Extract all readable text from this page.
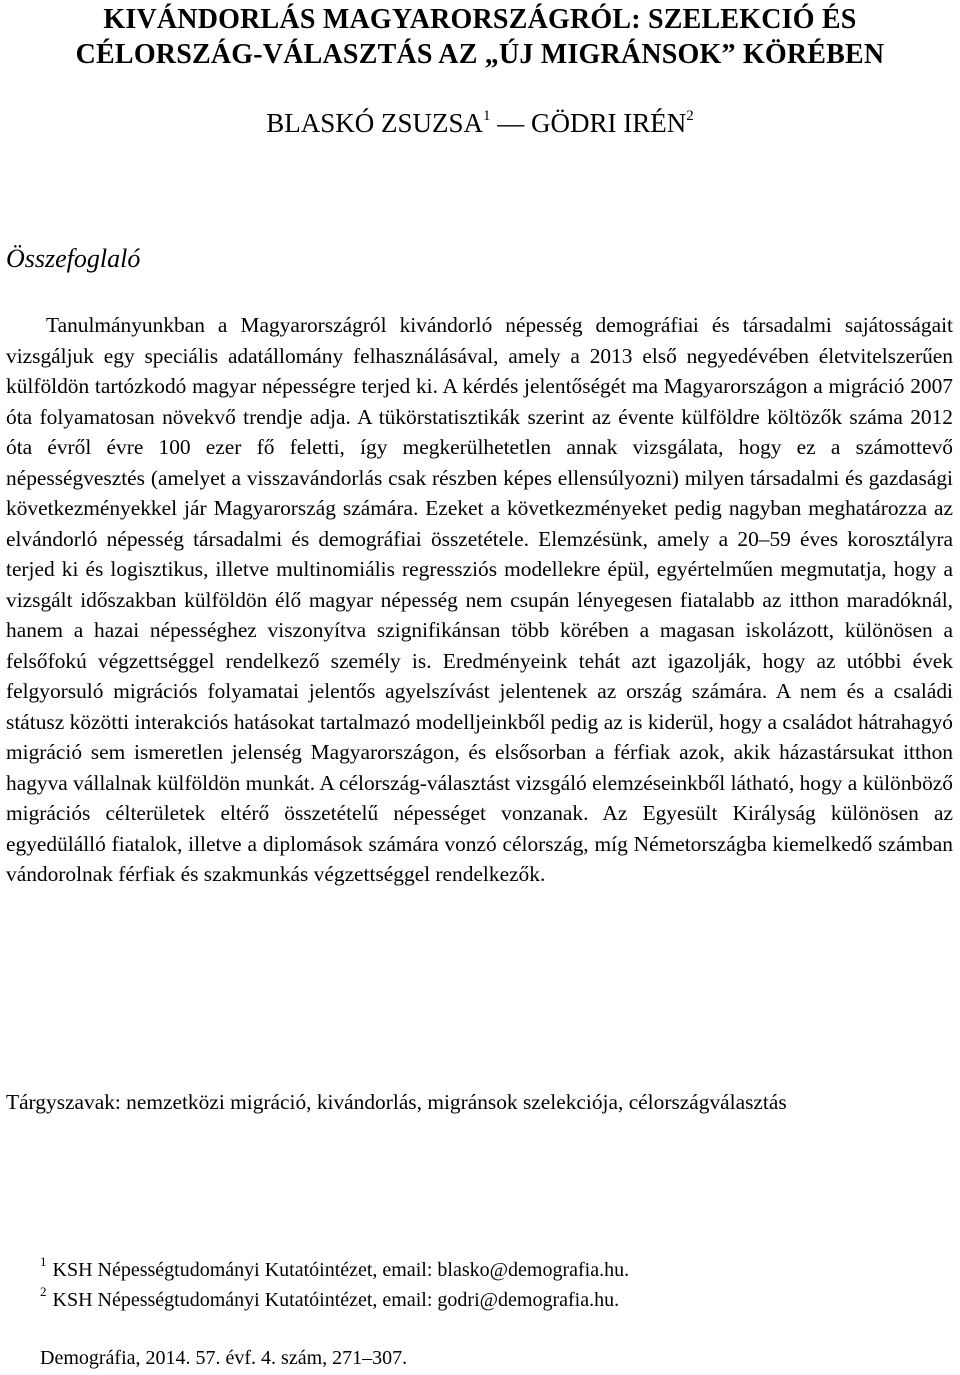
KIVÁNDORLÁS MAGYARORSZÁGRÓL: SZELEKCIÓ ÉS
CÉLORSZÁG-VÁLASZTÁS AZ „ÚJ MIGRÁNSOK” KÖRÉBEN
BLASKÓ ZSUZSA$^1$ — GÖDRI IRÉN$^2$
Összefoglaló

Tanulmányunkban a Magyarországról kivándorló népesség demográfiai és társadalmi sajátosságait vizsgáljuk egy speciális adatállomány felhasználásával, amely a 2013 első negyedévében életvitelszerűen külföldön tartózkodó magyar népességre terjed ki. A kérdés jelentőségét ma Magyarországon a migráció 2007 óta folyamatosan növekvő trendje adja. A tükörstatisztikák szerint az évente külföldre költözők száma 2012 óta évről évre 100 ezer fő feletti, így megkerülhetetlen annak vizsgálata, hogy ez a számottevő népességvesztés (amelyet a visszavándorlás csak részben képes ellensúlyozni) milyen társadalmi és gazdasági következményekkel jár Magyarország számára. Ezeket a következményeket pedig nagyban meghatározza az elvándorló népesség társadalmi és demográfiai összetétele. Elemzésünk, amely a 20–59 éves korosztályra terjed ki és logisztikus, illetve multinomiális regressziós modellekre épül, egyértelműen megmutatja, hogy a vizsgált időszakban külföldön élő magyar népesség nem csupán lényegesen fiatalabb az itthon maradóknál, hanem a hazai népességhez viszonyítva szignifikánsan több körében a magasan iskolázott, különösen a felsőfokú végzettséggel rendelkező személy is. Eredményeink tehát azt igazolják, hogy az utóbbi évek felgyorsuló migrációs folyamatai jelentős agyelszívást jelentenek az ország számára. A nem és a családi státusz közötti interakciós hatásokat tartalmazó modelljeinkből pedig az is kiderül, hogy a családot hátrahagyó migráció sem ismeretlen jelenség Magyarországon, és elsősorban a férfiak azok, akik házastársukat itthon hagyva vállalnak külföldön munkát. A célország-választást vizsgáló elemzéseinkből látható, hogy a különböző migrációs célterületek eltérő összetételű népességet vonzanak. Az Egyesült Királyság különösen az egyedülálló fiatalok, illetve a diplomások számára vonzó célország, míg Németországba kiemelkedő számban vándorolnak férfiak és szakmunkás végzettséggel rendelkezők.

Tárgyszavak: nemzetközi migráció, kivándorlás, migránsok szelekciója, célországválasztás

$^1$ KSH Népességtudományi Kutatóintézet, email: blasko@demografia.hu.
$^2$ KSH Népességtudományi Kutatóintézet, email: godri@demografia.hu.
Demográfia, 2014. 57. évf. 4. szám, 271–307.
